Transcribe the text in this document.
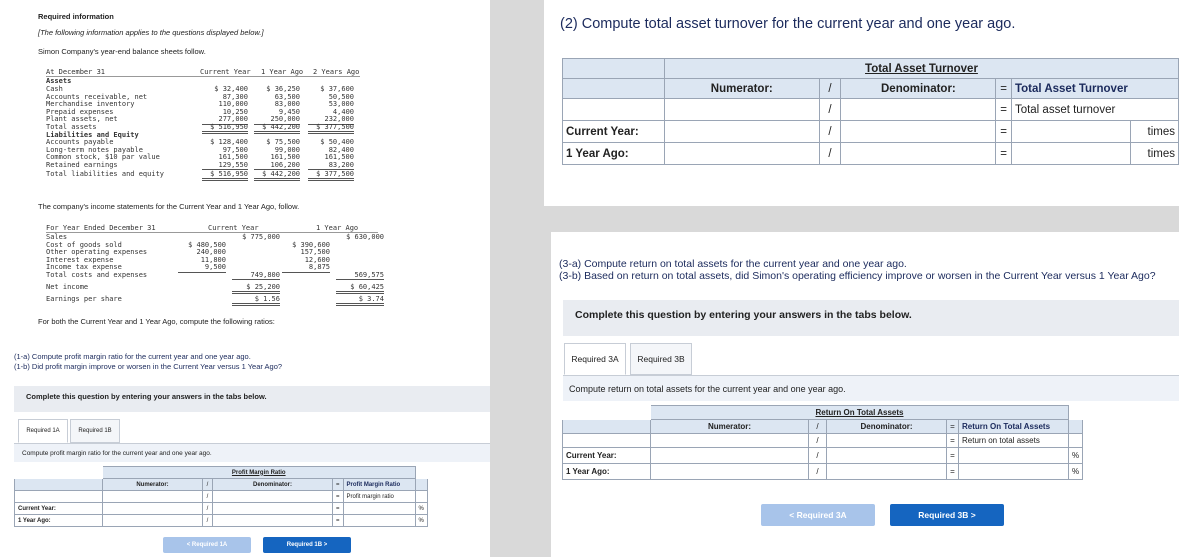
Required information
[The following information applies to the questions displayed below.]
Simon Company's year-end balance sheets follow.
At December 31	Current Year 1 Year Ago 2 Years Ago
Assets
Cash	$ 32,400	$ 36,250	$ 37,600
Accounts receivable, net	87,300	63,500	50,500
Merchandise inventory	110,000	83,000	53,000
Prepaid expenses	10,250	9,450	4,400
Plant assets, net	277,000	250,000	232,000
Total assets	$ 516,950	$ 442,200	$ 377,500
Liabilities and Equity
Accounts payable	$ 128,400	$ 75,500	$ 50,400
Long-term notes payable	97,500	99,000	82,400
Common stock, $10 par value	161,500	161,500	161,500
Retained earnings	129,550	106,200	83,200
Total liabilities and equity	$ 516,950	$ 442,200	$ 377,500
The company's income statements for the Current Year and 1 Year Ago, follow.
For Year Ended December 31	Current Year	1 Year Ago
Sales	$ 775,000	$ 630,000
Cost of goods sold	$ 480,500	$ 390,600
Other operating expenses	240,000	157,500
Interest expense	11,800	12,600
Income tax expense	9,500	8,875
Total costs and expenses	749,800	569,575
Net income	$ 25,200	$ 60,425
Earnings per share	$ 1.56	$ 3.74
For both the Current Year and 1 Year Ago, compute the following ratios:
(1-a) Compute profit margin ratio for the current year and one year ago.
(1-b) Did profit margin improve or worsen in the Current Year versus 1 Year Ago?
Complete this question by entering your answers in the tabs below.
Required 1A	Required 1B
Compute profit margin ratio for the current year and one year ago.
	Profit Margin Ratio					
	Numerator:	/	Denominator:	=	Profit Margin Ratio	
		/		=	Profit margin ratio	
Current Year:		/		=		%
1 Year Ago:		/		=		%
< Required 1A	Required 1B >
(2) Compute total asset turnover for the current year and one year ago.
	Total Asset Turnover					
	Numerator:	/	Denominator:	=	Total Asset Turnover	
		/		=	Total asset turnover	
Current Year:		/		=		times
1 Year Ago:		/		=		times
(3-a) Compute return on total assets for the current year and one year ago.
(3-b) Based on return on total assets, did Simon's operating efficiency improve or worsen in the Current Year versus 1 Year Ago?
Complete this question by entering your answers in the tabs below.
Required 3A	Required 3B
Compute return on total assets for the current year and one year ago.
	Return On Total Assets					
	Numerator:	/	Denominator:	=	Return On Total Assets	
		/		=	Return on total assets	
Current Year:		/		=		%
1 Year Ago:		/		=		%
< Required 3A	Required 3B >
